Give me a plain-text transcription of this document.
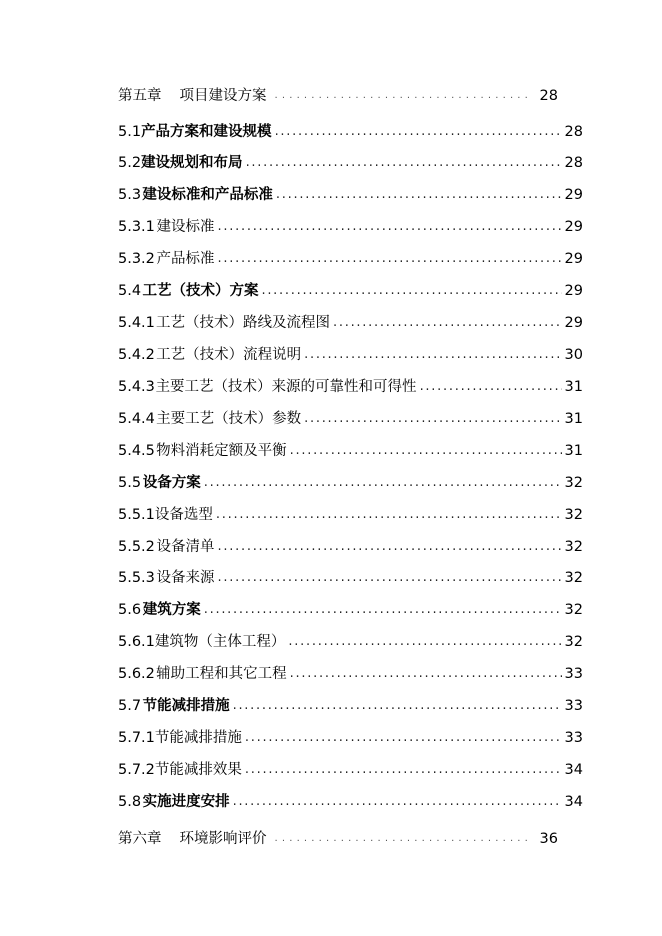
第五章 项目建设方案 . . .	28
5.1 产品方案和建设规模 . . .	28
5.2 建设规划和布局 . . .	28
5.3 建设标准和产品标准 . . .	29
5.3.1 建设标准 . . .	29
5.3.2 产品标准 . . .	29
5.4 工艺（技术）方案 . . .	29
5.4.1 工艺（技术）路线及流程图 . . .	29
5.4.2 工艺（技术）流程说明 . . .	30
5.4.3 主要工艺（技术）来源的可靠性和可得性 . . .	31
5.4.4 主要工艺（技术）参数 . . .	31
5.4.5 物料消耗定额及平衡 . . .	31
5.5 设备方案 . . .	32
5.5.1 设备选型 . . .	32
5.5.2 设备清单 . . .	32
5.5.3 设备来源 . . .	32
5.6 建筑方案 . . .	32
5.6.1 建筑物（主体工程） . . .	32
5.6.2 辅助工程和其它工程 . . .	33
5.7 节能减排措施 . . .	33
5.7.1 节能减排措施 . . .	33
5.7.2 节能减排效果 . . .	34
5.8 实施进度安排 . . .	34
第六章 环境影响评价 . . .	36
